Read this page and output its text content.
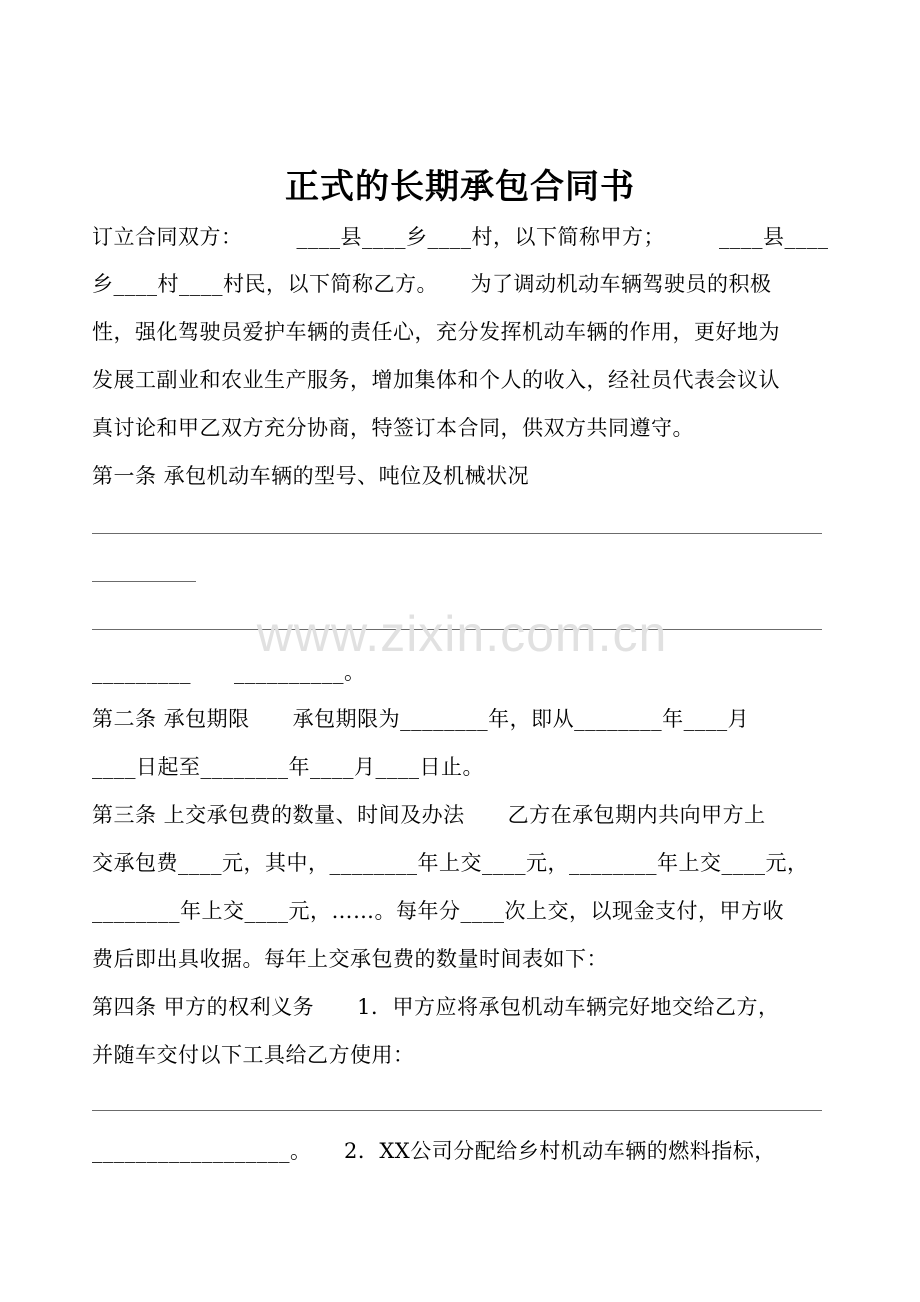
正式的长期承包合同书
订立合同双方：　　　____县____乡____村，以下简称甲方；　　　____县____
乡____村____村民，以下简称乙方。　　为了调动机动车辆驾驶员的积极
性，强化驾驶员爱护车辆的责任心，充分发挥机动车辆的作用，更好地为
发展工副业和农业生产服务，增加集体和个人的收入，经社员代表会议认
真讨论和甲乙双方充分协商，特签订本合同，供双方共同遵守。
第一条 承包机动车辆的型号、吨位及机械状况
_________　　__________。
第二条 承包期限　　承包期限为________年，即从________年____月
____日起至________年____月____日止。
第三条 上交承包费的数量、时间及办法　　乙方在承包期内共向甲方上
交承包费____元，其中，________年上交____元，________年上交____元，
________年上交____元，……。每年分____次上交，以现金支付，甲方收
费后即出具收据。每年上交承包费的数量时间表如下：
第四条 甲方的权利义务　　1．甲方应将承包机动车辆完好地交给乙方，
并随车交付以下工具给乙方使用：
__________________。　　2．XX公司分配给乡村机动车辆的燃料指标，
www.zixin.com.cn
